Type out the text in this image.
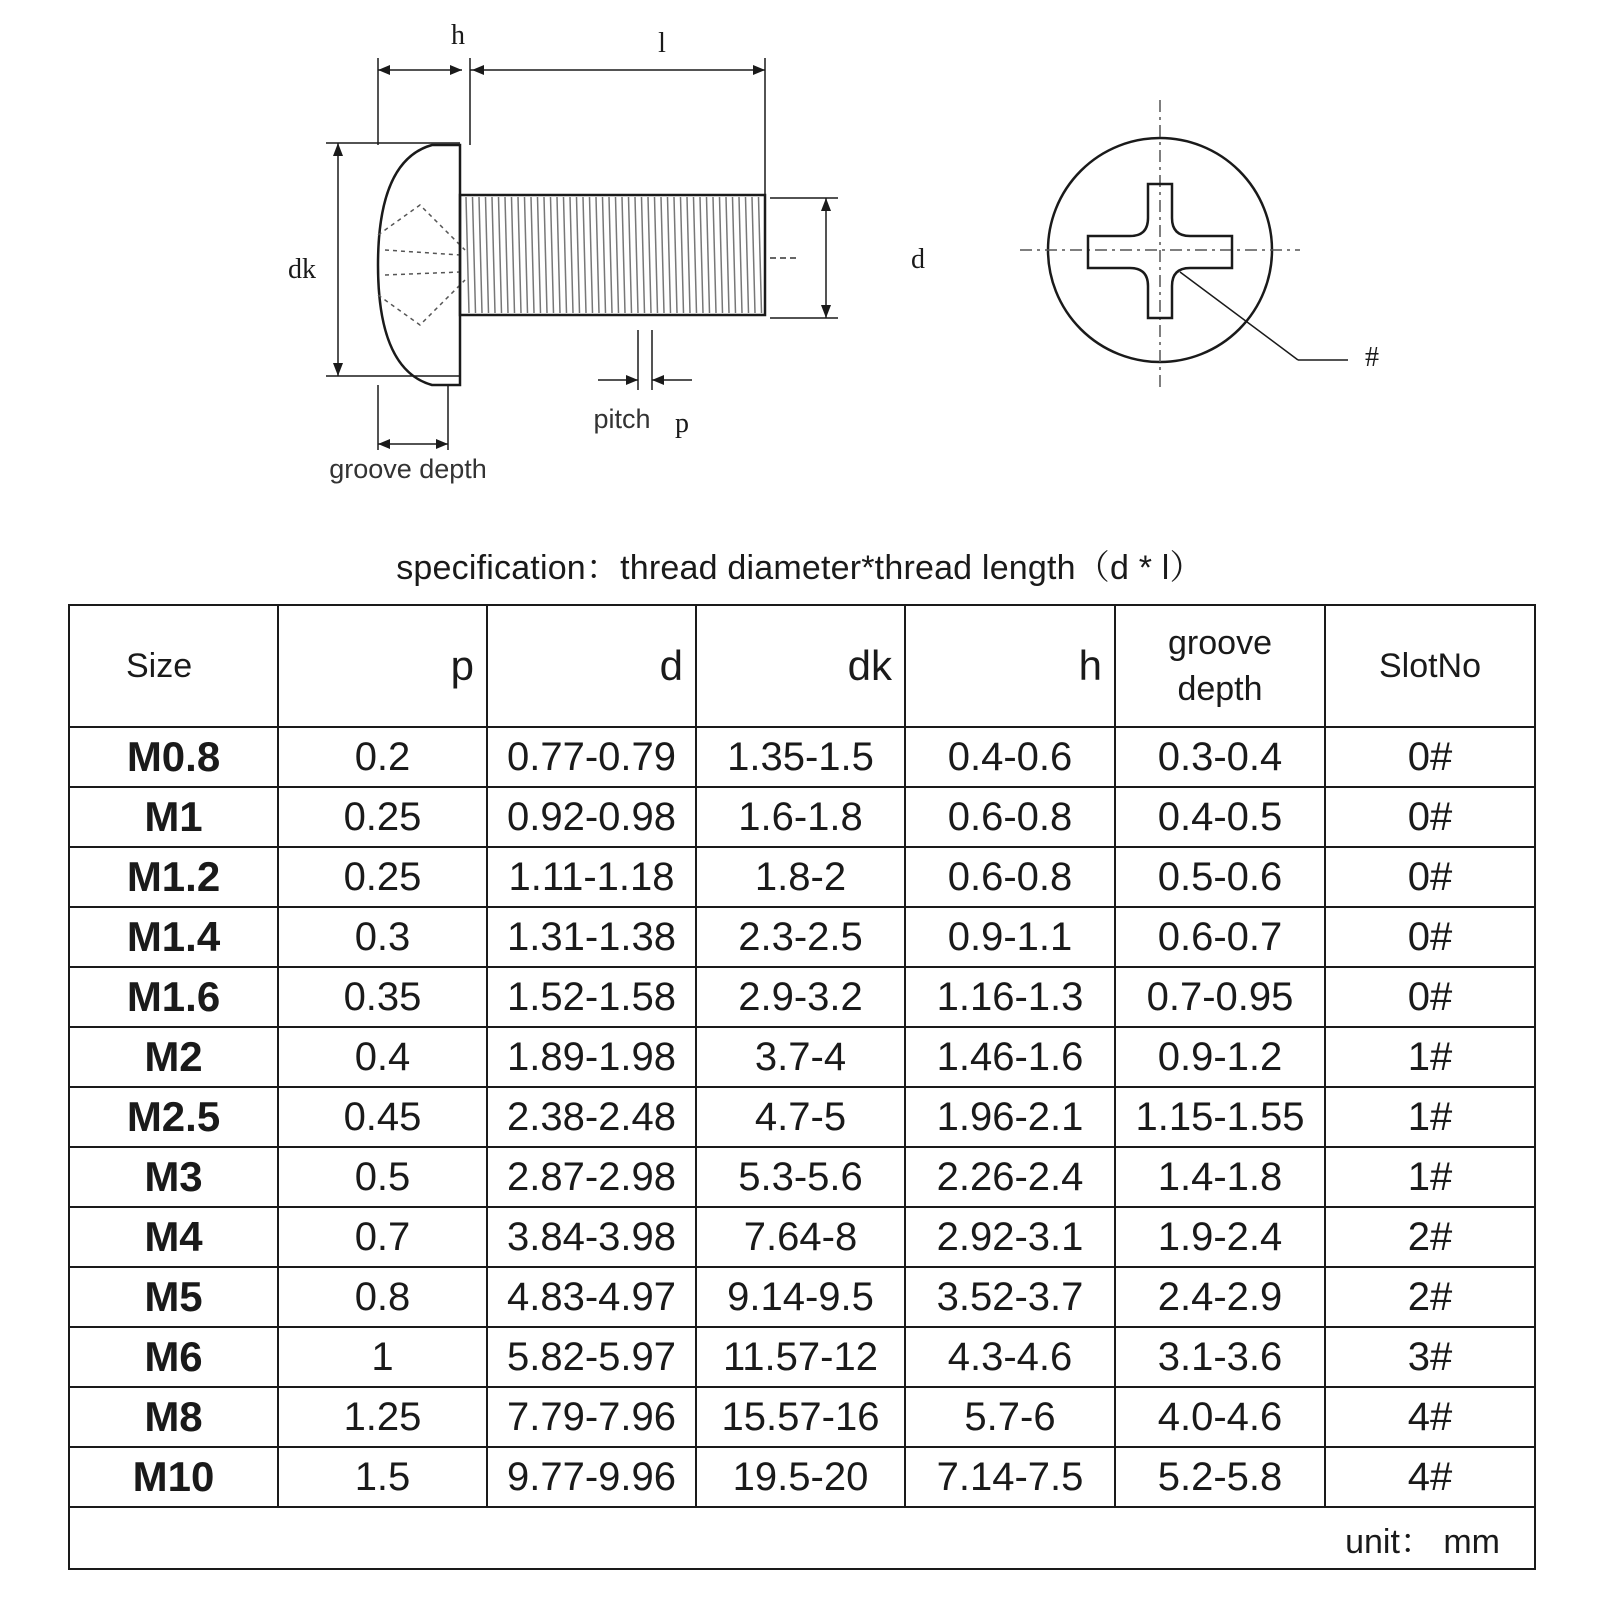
h	l
dk	d
pitch p
groove depth
#
specification：thread diameter*thread length（d * l）
Size	p	d	dk	h	groove depth	SlotNo
M0.8	0.2	0.77-0.79	1.35-1.5	0.4-0.6	0.3-0.4	0#
M1	0.25	0.92-0.98	1.6-1.8	0.6-0.8	0.4-0.5	0#
M1.2	0.25	1.11-1.18	1.8-2	0.6-0.8	0.5-0.6	0#
M1.4	0.3	1.31-1.38	2.3-2.5	0.9-1.1	0.6-0.7	0#
M1.6	0.35	1.52-1.58	2.9-3.2	1.16-1.3	0.7-0.95	0#
M2	0.4	1.89-1.98	3.7-4	1.46-1.6	0.9-1.2	1#
M2.5	0.45	2.38-2.48	4.7-5	1.96-2.1	1.15-1.55	1#
M3	0.5	2.87-2.98	5.3-5.6	2.26-2.4	1.4-1.8	1#
M4	0.7	3.84-3.98	7.64-8	2.92-3.1	1.9-2.4	2#
M5	0.8	4.83-4.97	9.14-9.5	3.52-3.7	2.4-2.9	2#
M6	1	5.82-5.97	11.57-12	4.3-4.6	3.1-3.6	3#
M8	1.25	7.79-7.96	15.57-16	5.7-6	4.0-4.6	4#
M10	1.5	9.77-9.96	19.5-20	7.14-7.5	5.2-5.8	4#
unit： mm						
